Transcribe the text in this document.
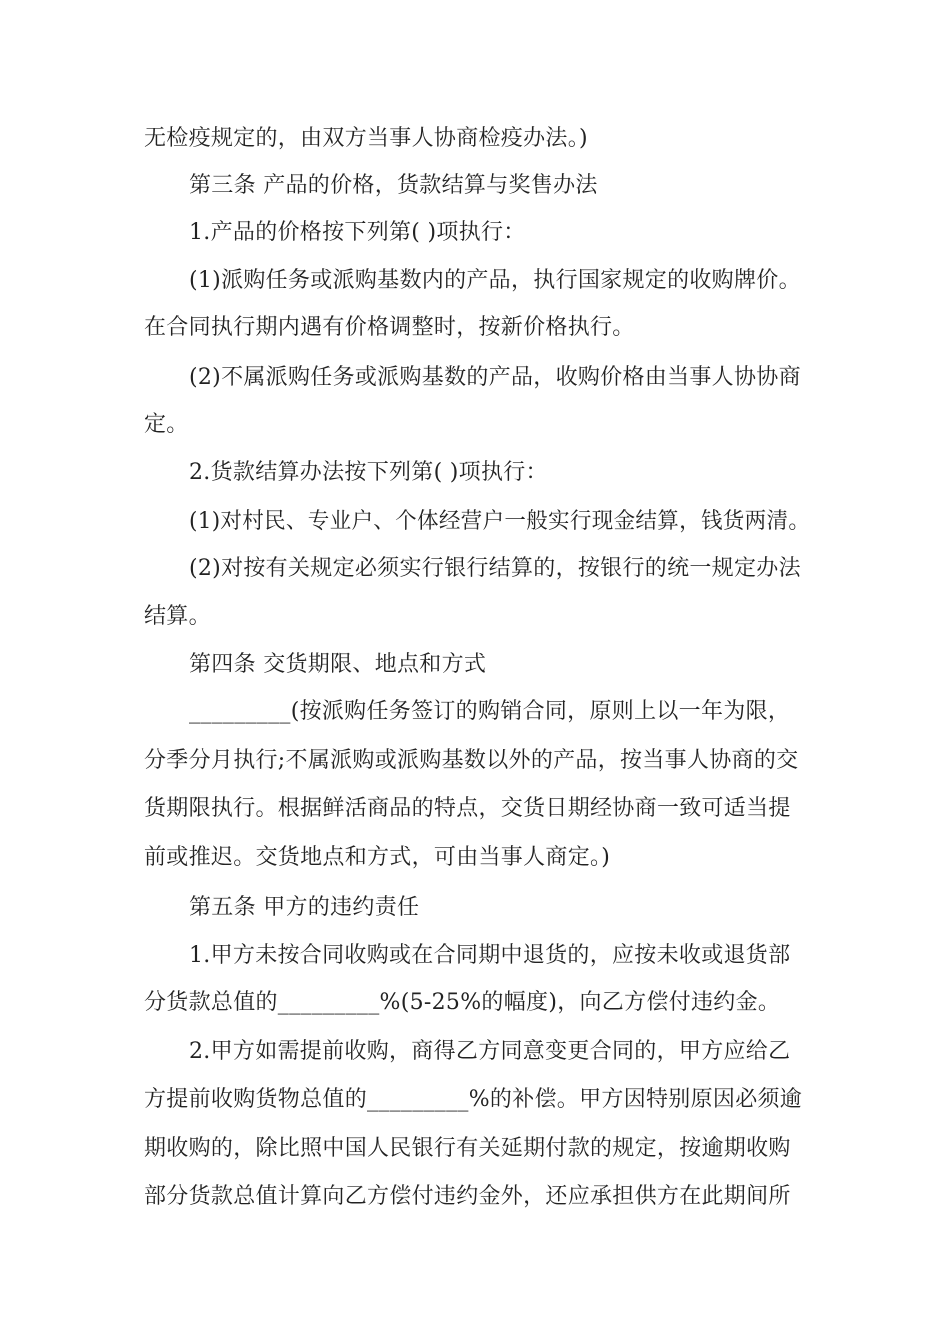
无检疫规定的，由双方当事人协商检疫办法。)

第三条 产品的价格，货款结算与奖售办法

1.产品的价格按下列第( )项执行：

(1)派购任务或派购基数内的产品，执行国家规定的收购牌价。

在合同执行期内遇有价格调整时，按新价格执行。

(2)不属派购任务或派购基数的产品，收购价格由当事人协协商

定。

2.货款结算办法按下列第( )项执行：

(1)对村民、专业户、个体经营户一般实行现金结算，钱货两清。

(2)对按有关规定必须实行银行结算的，按银行的统一规定办法

结算。

第四条 交货期限、地点和方式

_________(按派购任务签订的购销合同，原则上以一年为限，

分季分月执行;不属派购或派购基数以外的产品，按当事人协商的交

货期限执行。根据鲜活商品的特点，交货日期经协商一致可适当提

前或推迟。交货地点和方式，可由当事人商定。)

第五条 甲方的违约责任

1.甲方未按合同收购或在合同期中退货的，应按未收或退货部

分货款总值的_________%(5-25%的幅度)，向乙方偿付违约金。

2.甲方如需提前收购，商得乙方同意变更合同的，甲方应给乙

方提前收购货物总值的_________%的补偿。甲方因特别原因必须逾

期收购的，除比照中国人民银行有关延期付款的规定，按逾期收购

部分货款总值计算向乙方偿付违约金外，还应承担供方在此期间所
